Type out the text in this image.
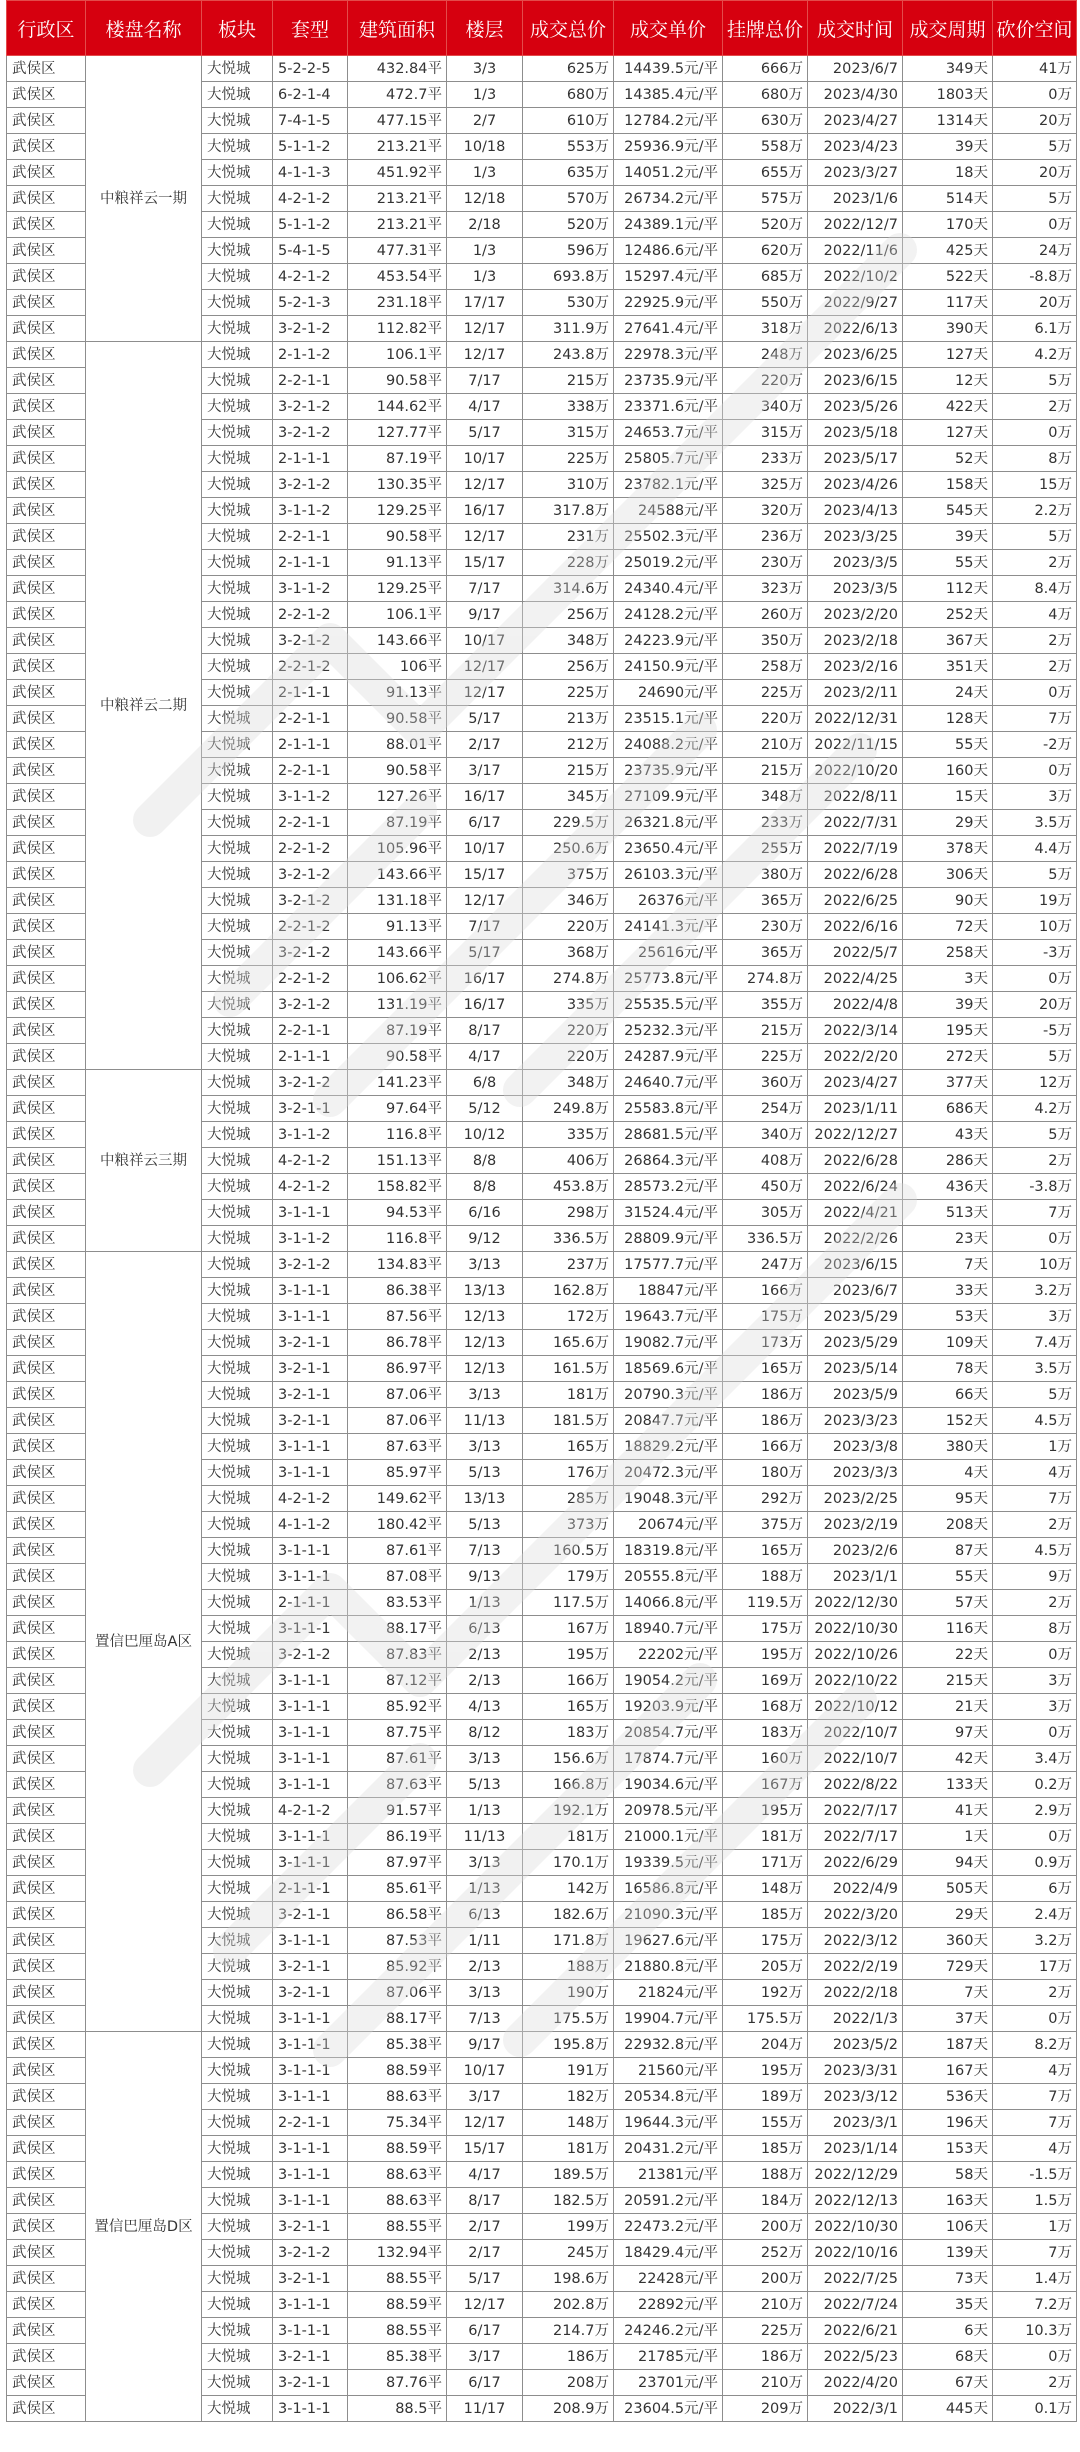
行政区	楼盘名称	板块	套型	建筑面积	楼层	成交总价	成交单价	挂牌总价	成交时间	成交周期	砍价空间
武侯区	中粮祥云一期	大悦城	5-2-2-5	432.84平	3/3	625万	14439.5元/平	666万	2023/6/7	349天	41万
武侯区		大悦城	6-2-1-4	472.7平	1/3	680万	14385.4元/平	680万	2023/4/30	1803天	0万
武侯区		大悦城	7-4-1-5	477.15平	2/7	610万	12784.2元/平	630万	2023/4/27	1314天	20万
武侯区		大悦城	5-1-1-2	213.21平	10/18	553万	25936.9元/平	558万	2023/4/23	39天	5万
武侯区		大悦城	4-1-1-3	451.92平	1/3	635万	14051.2元/平	655万	2023/3/27	18天	20万
武侯区		大悦城	4-2-1-2	213.21平	12/18	570万	26734.2元/平	575万	2023/1/6	514天	5万
武侯区		大悦城	5-1-1-2	213.21平	2/18	520万	24389.1元/平	520万	2022/12/7	170天	0万
武侯区		大悦城	5-4-1-5	477.31平	1/3	596万	12486.6元/平	620万	2022/11/6	425天	24万
武侯区		大悦城	4-2-1-2	453.54平	1/3	693.8万	15297.4元/平	685万	2022/10/2	522天	-8.8万
武侯区		大悦城	5-2-1-3	231.18平	17/17	530万	22925.9元/平	550万	2022/9/27	117天	20万
武侯区		大悦城	3-2-1-2	112.82平	12/17	311.9万	27641.4元/平	318万	2022/6/13	390天	6.1万
武侯区	中粮祥云二期	大悦城	2-1-1-2	106.1平	12/17	243.8万	22978.3元/平	248万	2023/6/25	127天	4.2万
武侯区		大悦城	2-2-1-1	90.58平	7/17	215万	23735.9元/平	220万	2023/6/15	12天	5万
武侯区		大悦城	3-2-1-2	144.62平	4/17	338万	23371.6元/平	340万	2023/5/26	422天	2万
武侯区		大悦城	3-2-1-2	127.77平	5/17	315万	24653.7元/平	315万	2023/5/18	127天	0万
武侯区		大悦城	2-1-1-1	87.19平	10/17	225万	25805.7元/平	233万	2023/5/17	52天	8万
武侯区		大悦城	3-2-1-2	130.35平	12/17	310万	23782.1元/平	325万	2023/4/26	158天	15万
武侯区		大悦城	3-1-1-2	129.25平	16/17	317.8万	24588元/平	320万	2023/4/13	545天	2.2万
武侯区		大悦城	2-2-1-1	90.58平	12/17	231万	25502.3元/平	236万	2023/3/25	39天	5万
武侯区		大悦城	2-1-1-1	91.13平	15/17	228万	25019.2元/平	230万	2023/3/5	55天	2万
武侯区		大悦城	3-1-1-2	129.25平	7/17	314.6万	24340.4元/平	323万	2023/3/5	112天	8.4万
武侯区		大悦城	2-2-1-2	106.1平	9/17	256万	24128.2元/平	260万	2023/2/20	252天	4万
武侯区		大悦城	3-2-1-2	143.66平	10/17	348万	24223.9元/平	350万	2023/2/18	367天	2万
武侯区		大悦城	2-2-1-2	106平	12/17	256万	24150.9元/平	258万	2023/2/16	351天	2万
武侯区		大悦城	2-1-1-1	91.13平	12/17	225万	24690元/平	225万	2023/2/11	24天	0万
武侯区		大悦城	2-2-1-1	90.58平	5/17	213万	23515.1元/平	220万	2022/12/31	128天	7万
武侯区		大悦城	2-1-1-1	88.01平	2/17	212万	24088.2元/平	210万	2022/11/15	55天	-2万
武侯区		大悦城	2-2-1-1	90.58平	3/17	215万	23735.9元/平	215万	2022/10/20	160天	0万
武侯区		大悦城	3-1-1-2	127.26平	16/17	345万	27109.9元/平	348万	2022/8/11	15天	3万
武侯区		大悦城	2-2-1-1	87.19平	6/17	229.5万	26321.8元/平	233万	2022/7/31	29天	3.5万
武侯区		大悦城	2-2-1-2	105.96平	10/17	250.6万	23650.4元/平	255万	2022/7/19	378天	4.4万
武侯区		大悦城	3-2-1-2	143.66平	15/17	375万	26103.3元/平	380万	2022/6/28	306天	5万
武侯区		大悦城	3-2-1-2	131.18平	12/17	346万	26376元/平	365万	2022/6/25	90天	19万
武侯区		大悦城	2-2-1-2	91.13平	7/17	220万	24141.3元/平	230万	2022/6/16	72天	10万
武侯区		大悦城	3-2-1-2	143.66平	5/17	368万	25616元/平	365万	2022/5/7	258天	-3万
武侯区		大悦城	2-2-1-2	106.62平	16/17	274.8万	25773.8元/平	274.8万	2022/4/25	3天	0万
武侯区		大悦城	3-2-1-2	131.19平	16/17	335万	25535.5元/平	355万	2022/4/8	39天	20万
武侯区		大悦城	2-2-1-1	87.19平	8/17	220万	25232.3元/平	215万	2022/3/14	195天	-5万
武侯区		大悦城	2-1-1-1	90.58平	4/17	220万	24287.9元/平	225万	2022/2/20	272天	5万
武侯区	中粮祥云三期	大悦城	3-2-1-2	141.23平	6/8	348万	24640.7元/平	360万	2023/4/27	377天	12万
武侯区		大悦城	3-2-1-1	97.64平	5/12	249.8万	25583.8元/平	254万	2023/1/11	686天	4.2万
武侯区		大悦城	3-1-1-2	116.8平	10/12	335万	28681.5元/平	340万	2022/12/27	43天	5万
武侯区		大悦城	4-2-1-2	151.13平	8/8	406万	26864.3元/平	408万	2022/6/28	286天	2万
武侯区		大悦城	4-2-1-2	158.82平	8/8	453.8万	28573.2元/平	450万	2022/6/24	436天	-3.8万
武侯区		大悦城	3-1-1-1	94.53平	6/16	298万	31524.4元/平	305万	2022/4/21	513天	7万
武侯区		大悦城	3-1-1-2	116.8平	9/12	336.5万	28809.9元/平	336.5万	2022/2/26	23天	0万
武侯区	置信巴厘岛A区	大悦城	3-2-1-2	134.83平	3/13	237万	17577.7元/平	247万	2023/6/15	7天	10万
武侯区		大悦城	3-1-1-1	86.38平	13/13	162.8万	18847元/平	166万	2023/6/7	33天	3.2万
武侯区		大悦城	3-1-1-1	87.56平	12/13	172万	19643.7元/平	175万	2023/5/29	53天	3万
武侯区		大悦城	3-2-1-1	86.78平	12/13	165.6万	19082.7元/平	173万	2023/5/29	109天	7.4万
武侯区		大悦城	3-2-1-1	86.97平	12/13	161.5万	18569.6元/平	165万	2023/5/14	78天	3.5万
武侯区		大悦城	3-2-1-1	87.06平	3/13	181万	20790.3元/平	186万	2023/5/9	66天	5万
武侯区		大悦城	3-2-1-1	87.06平	11/13	181.5万	20847.7元/平	186万	2023/3/23	152天	4.5万
武侯区		大悦城	3-1-1-1	87.63平	3/13	165万	18829.2元/平	166万	2023/3/8	380天	1万
武侯区		大悦城	3-1-1-1	85.97平	5/13	176万	20472.3元/平	180万	2023/3/3	4天	4万
武侯区		大悦城	4-2-1-2	149.62平	13/13	285万	19048.3元/平	292万	2023/2/25	95天	7万
武侯区		大悦城	4-1-1-2	180.42平	5/13	373万	20674元/平	375万	2023/2/19	208天	2万
武侯区		大悦城	3-1-1-1	87.61平	7/13	160.5万	18319.8元/平	165万	2023/2/6	87天	4.5万
武侯区		大悦城	3-1-1-1	87.08平	9/13	179万	20555.8元/平	188万	2023/1/1	55天	9万
武侯区		大悦城	2-1-1-1	83.53平	1/13	117.5万	14066.8元/平	119.5万	2022/12/30	57天	2万
武侯区		大悦城	3-1-1-1	88.17平	6/13	167万	18940.7元/平	175万	2022/10/30	116天	8万
武侯区		大悦城	3-2-1-2	87.83平	2/13	195万	22202元/平	195万	2022/10/26	22天	0万
武侯区		大悦城	3-1-1-1	87.12平	2/13	166万	19054.2元/平	169万	2022/10/22	215天	3万
武侯区		大悦城	3-1-1-1	85.92平	4/13	165万	19203.9元/平	168万	2022/10/12	21天	3万
武侯区		大悦城	3-1-1-1	87.75平	8/12	183万	20854.7元/平	183万	2022/10/7	97天	0万
武侯区		大悦城	3-1-1-1	87.61平	3/13	156.6万	17874.7元/平	160万	2022/10/7	42天	3.4万
武侯区		大悦城	3-1-1-1	87.63平	5/13	166.8万	19034.6元/平	167万	2022/8/22	133天	0.2万
武侯区		大悦城	4-2-1-2	91.57平	1/13	192.1万	20978.5元/平	195万	2022/7/17	41天	2.9万
武侯区		大悦城	3-1-1-1	86.19平	11/13	181万	21000.1元/平	181万	2022/7/17	1天	0万
武侯区		大悦城	3-1-1-1	87.97平	3/13	170.1万	19339.5元/平	171万	2022/6/29	94天	0.9万
武侯区		大悦城	2-1-1-1	85.61平	1/13	142万	16586.8元/平	148万	2022/4/9	505天	6万
武侯区		大悦城	3-2-1-1	86.58平	6/13	182.6万	21090.3元/平	185万	2022/3/20	29天	2.4万
武侯区		大悦城	3-1-1-1	87.53平	1/11	171.8万	19627.6元/平	175万	2022/3/12	360天	3.2万
武侯区		大悦城	3-2-1-1	85.92平	2/13	188万	21880.8元/平	205万	2022/2/19	729天	17万
武侯区		大悦城	3-2-1-1	87.06平	3/13	190万	21824元/平	192万	2022/2/18	7天	2万
武侯区		大悦城	3-1-1-1	88.17平	7/13	175.5万	19904.7元/平	175.5万	2022/1/3	37天	0万
武侯区	置信巴厘岛D区	大悦城	3-1-1-1	85.38平	9/17	195.8万	22932.8元/平	204万	2023/5/2	187天	8.2万
武侯区		大悦城	3-1-1-1	88.59平	10/17	191万	21560元/平	195万	2023/3/31	167天	4万
武侯区		大悦城	3-1-1-1	88.63平	3/17	182万	20534.8元/平	189万	2023/3/12	536天	7万
武侯区		大悦城	2-2-1-1	75.34平	12/17	148万	19644.3元/平	155万	2023/3/1	196天	7万
武侯区		大悦城	3-1-1-1	88.59平	15/17	181万	20431.2元/平	185万	2023/1/14	153天	4万
武侯区		大悦城	3-1-1-1	88.63平	4/17	189.5万	21381元/平	188万	2022/12/29	58天	-1.5万
武侯区		大悦城	3-1-1-1	88.63平	8/17	182.5万	20591.2元/平	184万	2022/12/13	163天	1.5万
武侯区		大悦城	3-2-1-1	88.55平	2/17	199万	22473.2元/平	200万	2022/10/30	106天	1万
武侯区		大悦城	3-2-1-2	132.94平	2/17	245万	18429.4元/平	252万	2022/10/16	139天	7万
武侯区		大悦城	3-2-1-1	88.55平	5/17	198.6万	22428元/平	200万	2022/7/25	73天	1.4万
武侯区		大悦城	3-1-1-1	88.59平	12/17	202.8万	22892元/平	210万	2022/7/24	35天	7.2万
武侯区		大悦城	3-1-1-1	88.55平	6/17	214.7万	24246.2元/平	225万	2022/6/21	6天	10.3万
武侯区		大悦城	3-2-1-1	85.38平	3/17	186万	21785元/平	186万	2022/5/23	68天	0万
武侯区		大悦城	3-2-1-1	87.76平	6/17	208万	23701元/平	210万	2022/4/20	67天	2万
武侯区		大悦城	3-1-1-1	88.5平	11/17	208.9万	23604.5元/平	209万	2022/3/1	445天	0.1万
